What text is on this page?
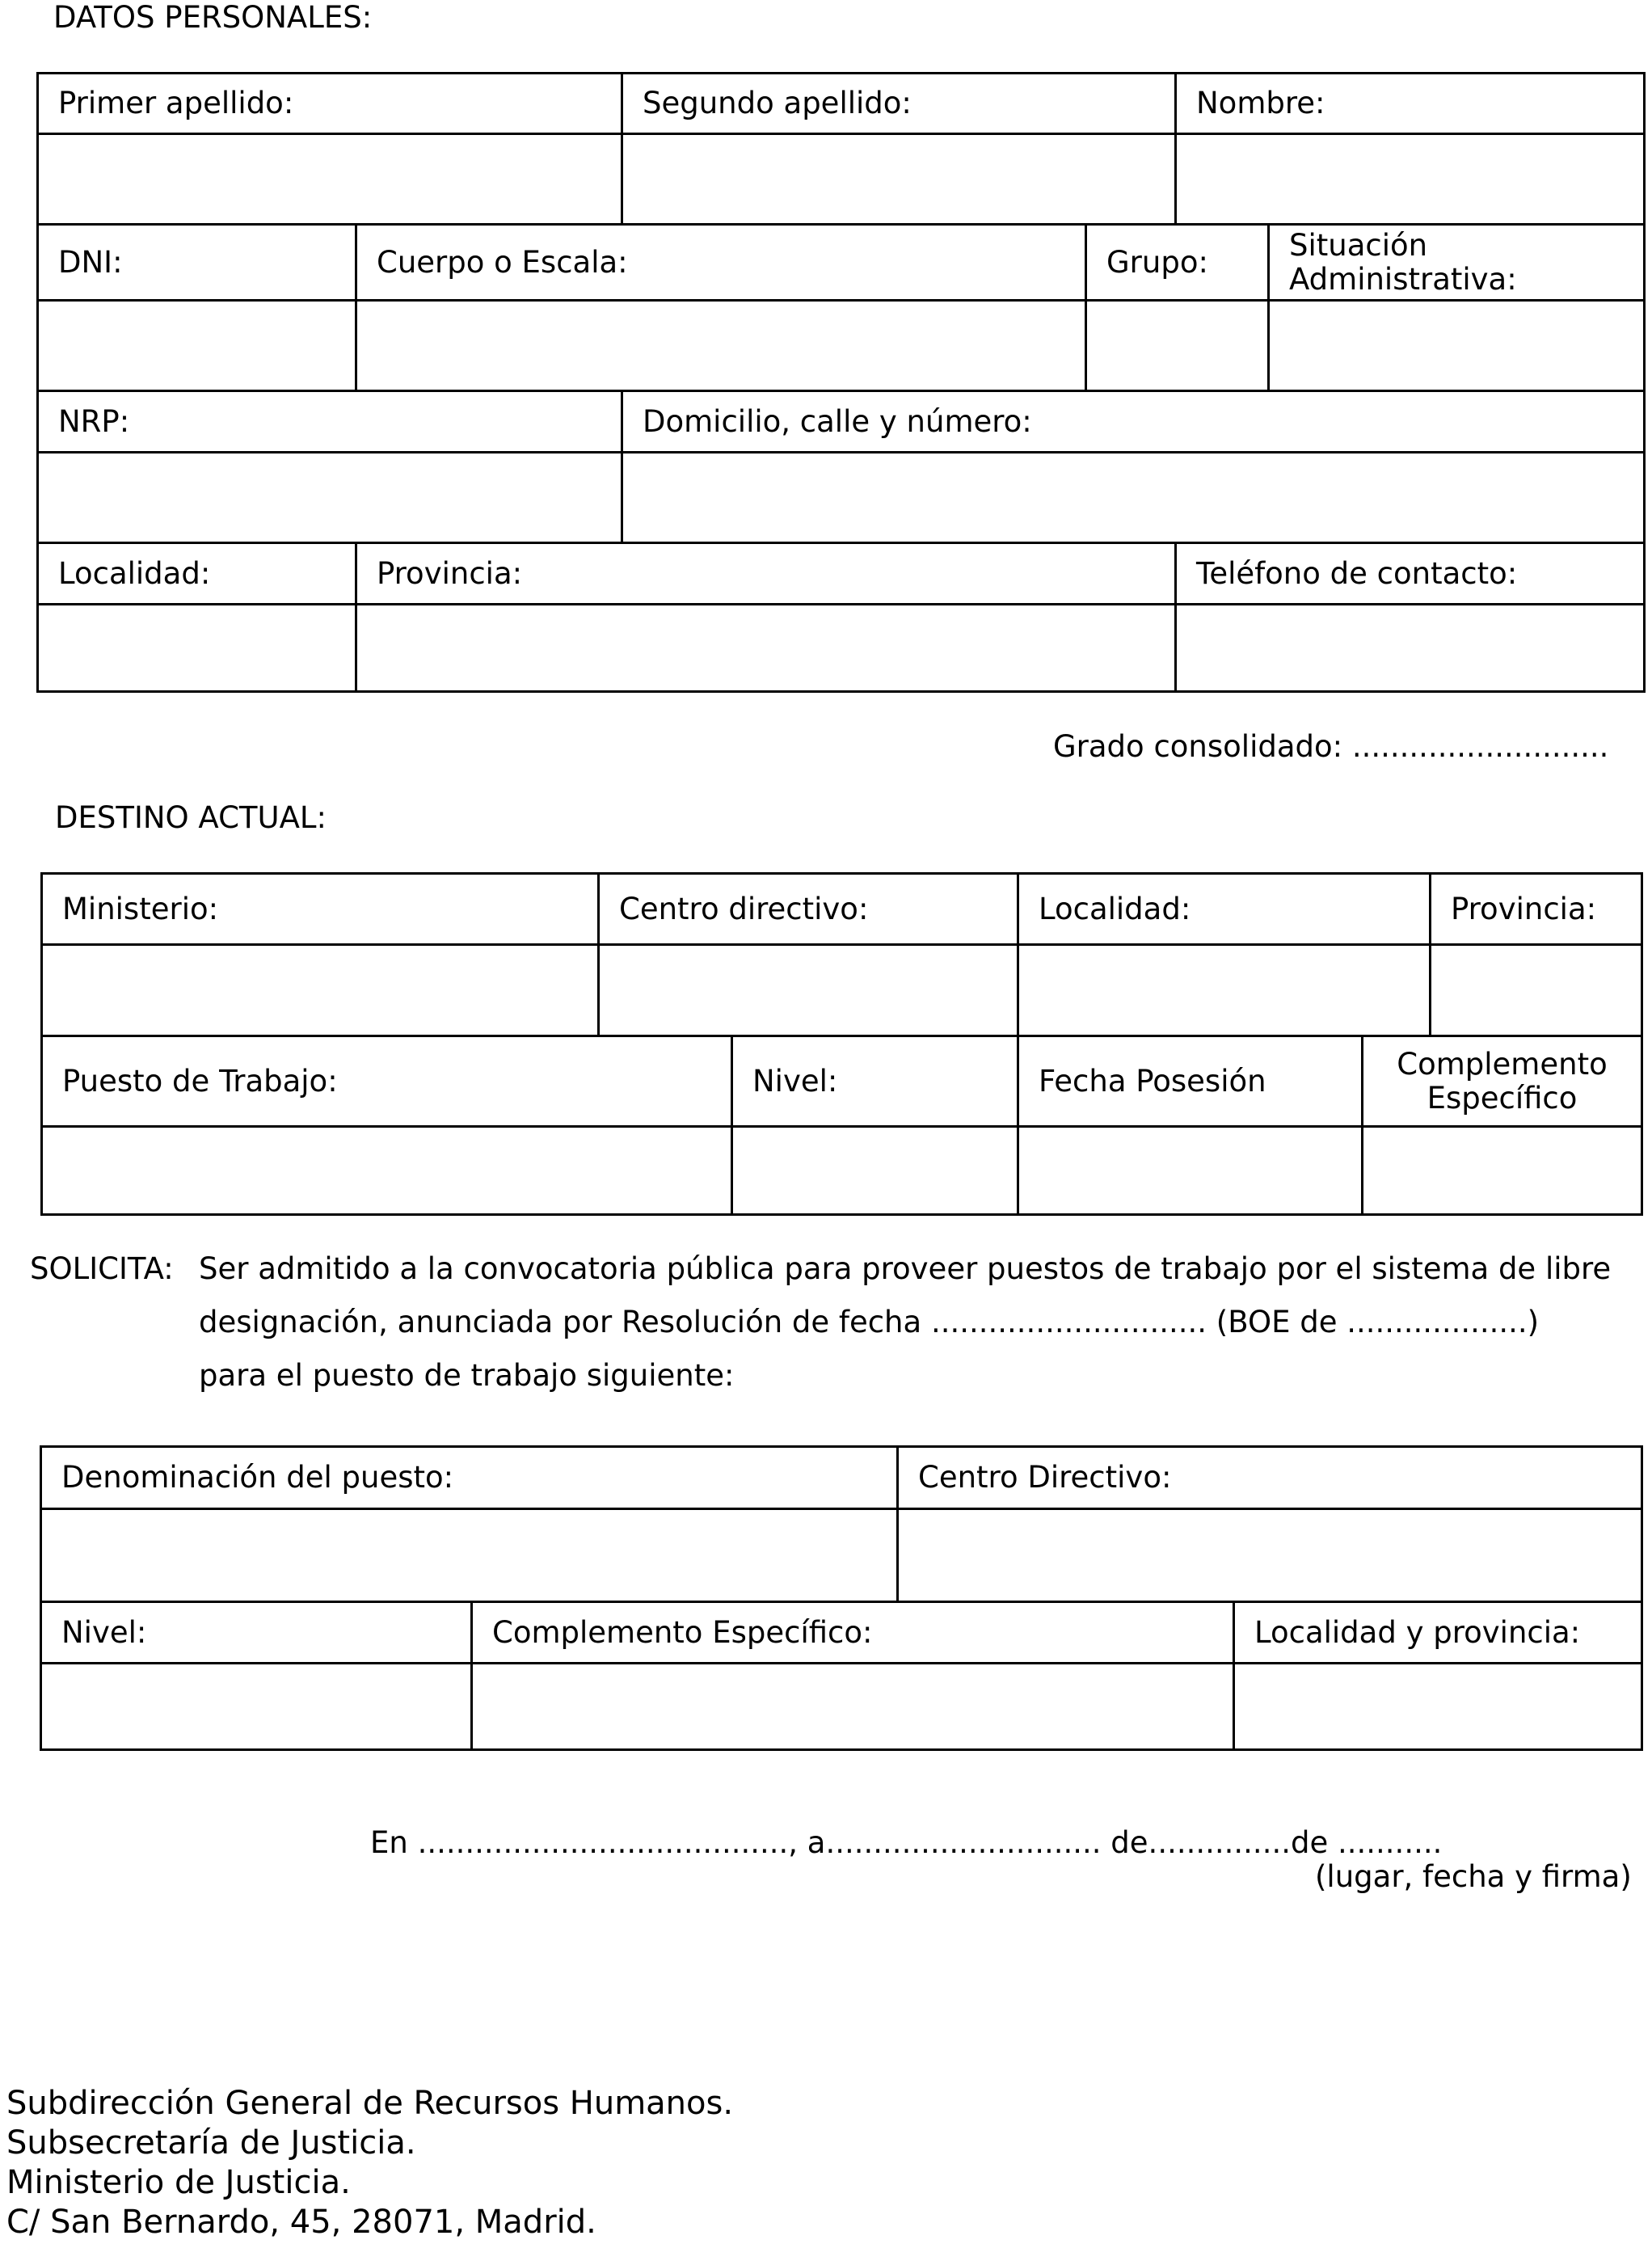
DATOS PERSONALES:
Primer apellido:	Segundo apellido:	Nombre:
DNI:	Cuerpo o Escala:	Grupo:	Situación
Administrativa:
NRP:	Domicilio, calle y número:
Localidad:	Provincia:	Teléfono de contacto:
Grado consolidado: ...........................
DESTINO ACTUAL:
Ministerio:	Centro directivo:	Localidad:	Provincia:
Puesto de Trabajo:	Nivel:	Fecha Posesión	Complemento
Específico
SOLICITA: Ser admitido a la convocatoria pública para proveer puestos de trabajo por el sistema de libre
designación, anunciada por Resolución de fecha ............................. (BOE de ...................)
para el puesto de trabajo siguiente:
Denominación del puesto:	Centro Directivo:
Nivel:	Complemento Específico:	Localidad y provincia:
En ......................................., a............................. de...............de ...........
(lugar, fecha y firma)
Subdirección General de Recursos Humanos.
Subsecretaría de Justicia.
Ministerio de Justicia.
C/ San Bernardo, 45, 28071, Madrid.
